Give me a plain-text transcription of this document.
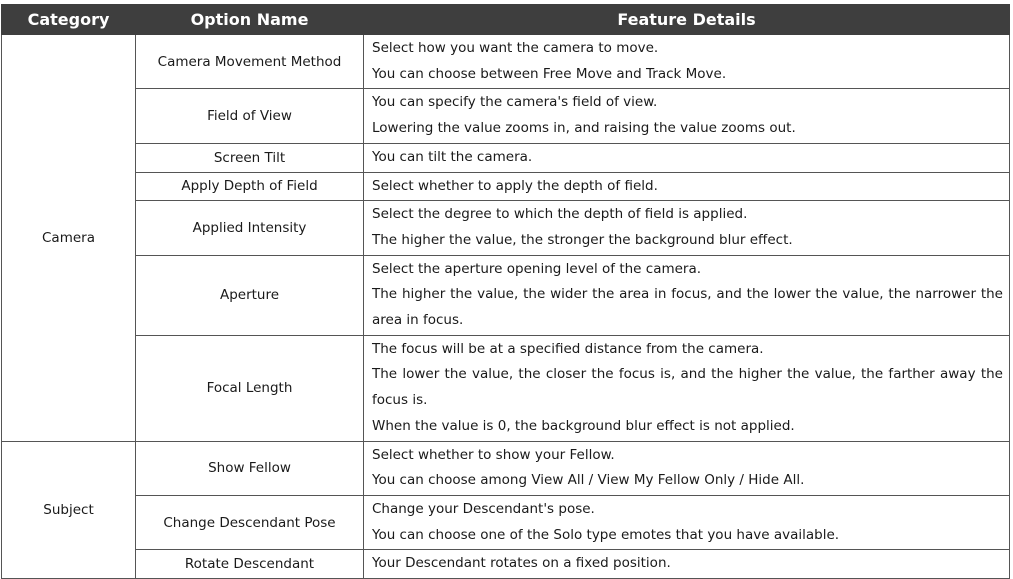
Category	Option Name	Feature Details
Camera	Camera Movement Method	Select how you want the camera to move.
You can choose between Free Move and Track Move.

	Field of View	You can specify the camera's field of view.
Lowering the value zooms in, and raising the value zooms out.

	Screen Tilt	You can tilt the camera.

	Apply Depth of Field	Select whether to apply the depth of field.

	Applied Intensity	Select the degree to which the depth of field is applied.
The higher the value, the stronger the background blur effect.

	Aperture	Select the aperture opening level of the camera.
The higher the value, the wider the area in focus, and the lower the value, the narrower the area in focus.

	Focal Length	The focus will be at a specified distance from the camera.
The lower the value, the closer the focus is, and the higher the value, the farther away the focus is.
When the value is 0, the background blur effect is not applied.

Subject	Show Fellow	Select whether to show your Fellow.
You can choose among View All / View My Fellow Only / Hide All.

	Change Descendant Pose	Change your Descendant's pose.
You can choose one of the Solo type emotes that you have available.

	Rotate Descendant	Your Descendant rotates on a fixed position.
